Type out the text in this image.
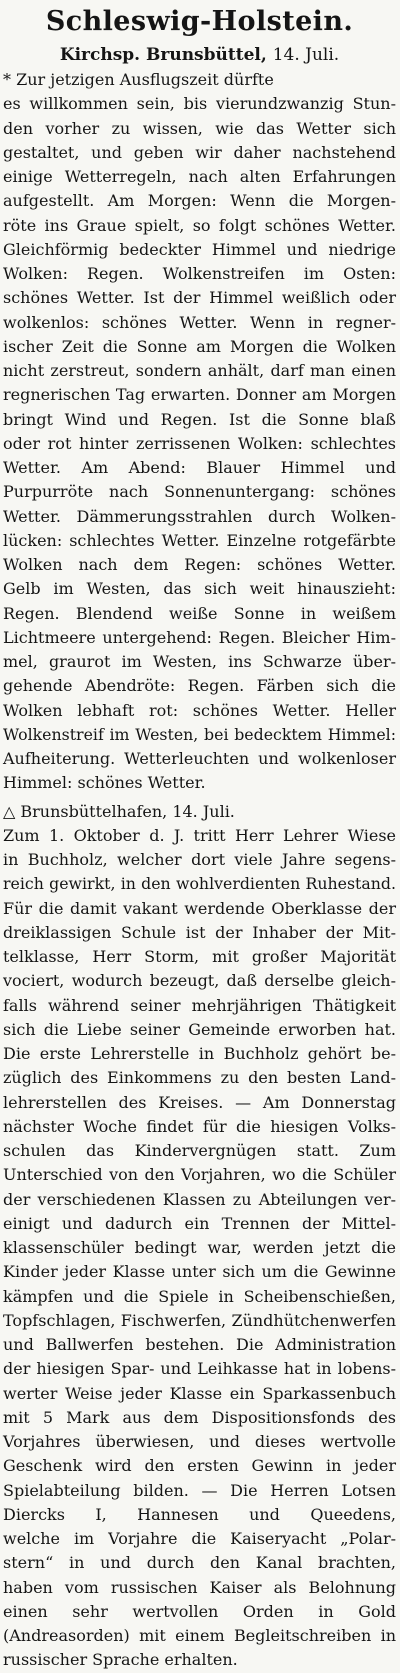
Schleswig-Holstein.
Kirchsp. Brunsbüttel, 14. Juli.
* Zur jetzigen Ausflugszeit dürfte
es willkommen sein, bis vierundzwanzig Stun-
den vorher zu wissen, wie das Wetter sich
gestaltet, und geben wir daher nachstehend
einige Wetterregeln, nach alten Erfahrungen
aufgestellt. Am Morgen: Wenn die Morgen-
röte ins Graue spielt, so folgt schönes Wetter.
Gleichförmig bedeckter Himmel und niedrige
Wolken: Regen. Wolkenstreifen im Osten:
schönes Wetter. Ist der Himmel weißlich oder
wolkenlos: schönes Wetter. Wenn in regner-
ischer Zeit die Sonne am Morgen die Wolken
nicht zerstreut, sondern anhält, darf man einen
regnerischen Tag erwarten. Donner am Morgen
bringt Wind und Regen. Ist die Sonne blaß
oder rot hinter zerrissenen Wolken: schlechtes
Wetter. Am Abend: Blauer Himmel und
Purpurröte nach Sonnenuntergang: schönes
Wetter. Dämmerungsstrahlen durch Wolken-
lücken: schlechtes Wetter. Einzelne rotgefärbte
Wolken nach dem Regen: schönes Wetter.
Gelb im Westen, das sich weit hinauszieht:
Regen. Blendend weiße Sonne in weißem
Lichtmeere untergehend: Regen. Bleicher Him-
mel, graurot im Westen, ins Schwarze über-
gehende Abendröte: Regen. Färben sich die
Wolken lebhaft rot: schönes Wetter. Heller
Wolkenstreif im Westen, bei bedecktem Himmel:
Aufheiterung. Wetterleuchten und wolkenloser
Himmel: schönes Wetter.
△ Brunsbüttelhafen, 14. Juli.
Zum 1. Oktober d. J. tritt Herr Lehrer Wiese
in Buchholz, welcher dort viele Jahre segens-
reich gewirkt, in den wohlverdienten Ruhestand.
Für die damit vakant werdende Oberklasse der
dreiklassigen Schule ist der Inhaber der Mit-
telklasse, Herr Storm, mit großer Majorität
vociert, wodurch bezeugt, daß derselbe gleich-
falls während seiner mehrjährigen Thätigkeit
sich die Liebe seiner Gemeinde erworben hat.
Die erste Lehrerstelle in Buchholz gehört be-
züglich des Einkommens zu den besten Land-
lehrerstellen des Kreises. — Am Donnerstag
nächster Woche findet für die hiesigen Volks-
schulen das Kindervergnügen statt. Zum
Unterschied von den Vorjahren, wo die Schüler
der verschiedenen Klassen zu Abteilungen ver-
einigt und dadurch ein Trennen der Mittel-
klassenschüler bedingt war, werden jetzt die
Kinder jeder Klasse unter sich um die Gewinne
kämpfen und die Spiele in Scheibenschießen,
Topfschlagen, Fischwerfen, Zündhütchenwerfen
und Ballwerfen bestehen. Die Administration
der hiesigen Spar- und Leihkasse hat in lobens-
werter Weise jeder Klasse ein Sparkassenbuch
mit 5 Mark aus dem Dispositionsfonds des
Vorjahres überwiesen, und dieses wertvolle
Geschenk wird den ersten Gewinn in jeder
Spielabteilung bilden. — Die Herren Lotsen
Diercks I, Hannesen und Queedens,
welche im Vorjahre die Kaiseryacht „Polar-
stern“ in und durch den Kanal brachten,
haben vom russischen Kaiser als Belohnung
einen sehr wertvollen Orden in Gold
(Andreasorden) mit einem Begleitschreiben in
russischer Sprache erhalten.
